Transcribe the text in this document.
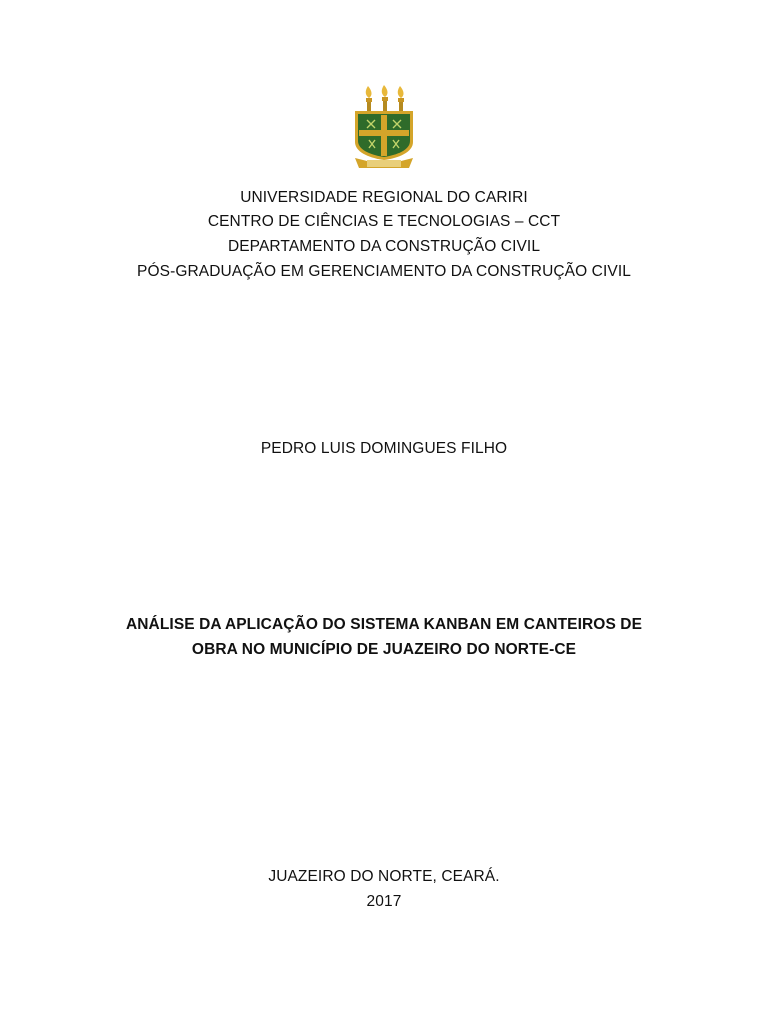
UNIVERSIDADE REGIONAL DO CARIRI
CENTRO DE CIÊNCIAS E TECNOLOGIAS – CCT
DEPARTAMENTO DA CONSTRUÇÃO CIVIL
PÓS-GRADUAÇÃO EM GERENCIAMENTO DA CONSTRUÇÃO CIVIL
PEDRO LUIS DOMINGUES FILHO
ANÁLISE DA APLICAÇÃO DO SISTEMA KANBAN EM CANTEIROS DE
OBRA NO MUNICÍPIO DE JUAZEIRO DO NORTE-CE
JUAZEIRO DO NORTE, CEARÁ.
2017
